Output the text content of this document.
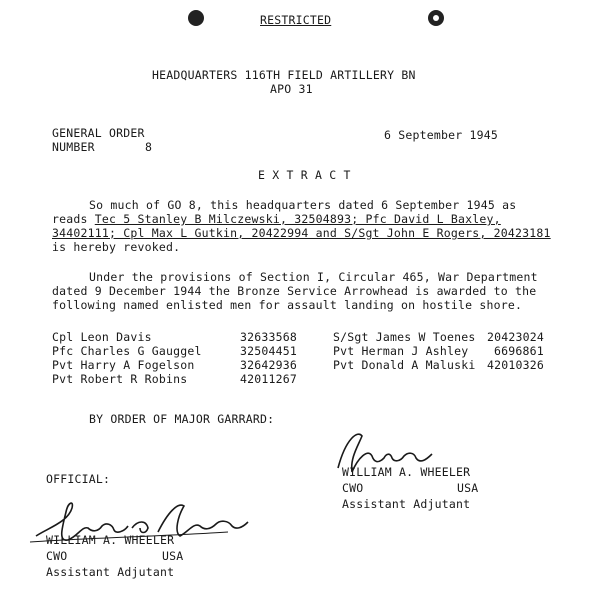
RESTRICTED
HEADQUARTERS 116TH FIELD ARTILLERY BN
APO 31
GENERAL ORDER
NUMBER	8
6 September 1945
E X T R A C T
So much of GO 8, this headquarters dated 6 September 1945 as
reads Tec 5 Stanley B Milczewski, 32504893; Pfc David L Baxley,
34402111; Cpl Max L Gutkin, 20422994 and S/Sgt John E Rogers, 20423181
is hereby revoked.
Under the provisions of Section I, Circular 465, War Department
dated 9 December 1944 the Bronze Service Arrowhead is awarded to the
following named enlisted men for assault landing on hostile shore.
Cpl Leon Davis	32633568
Pfc Charles G Gauggel	32504451
Pvt Harry A Fogelson	32642936
Pvt Robert R Robins	42011267
S/Sgt James W Toenes 20423024
Pvt Herman J Ashley 6696861
Pvt Donald A Maluski 42010326
BY ORDER OF MAJOR GARRARD:
WILLIAM A. WHEELER
CWO	USA
Assistant Adjutant
OFFICIAL:
WILLIAM A. WHEELER
CWO	USA
Assistant Adjutant
